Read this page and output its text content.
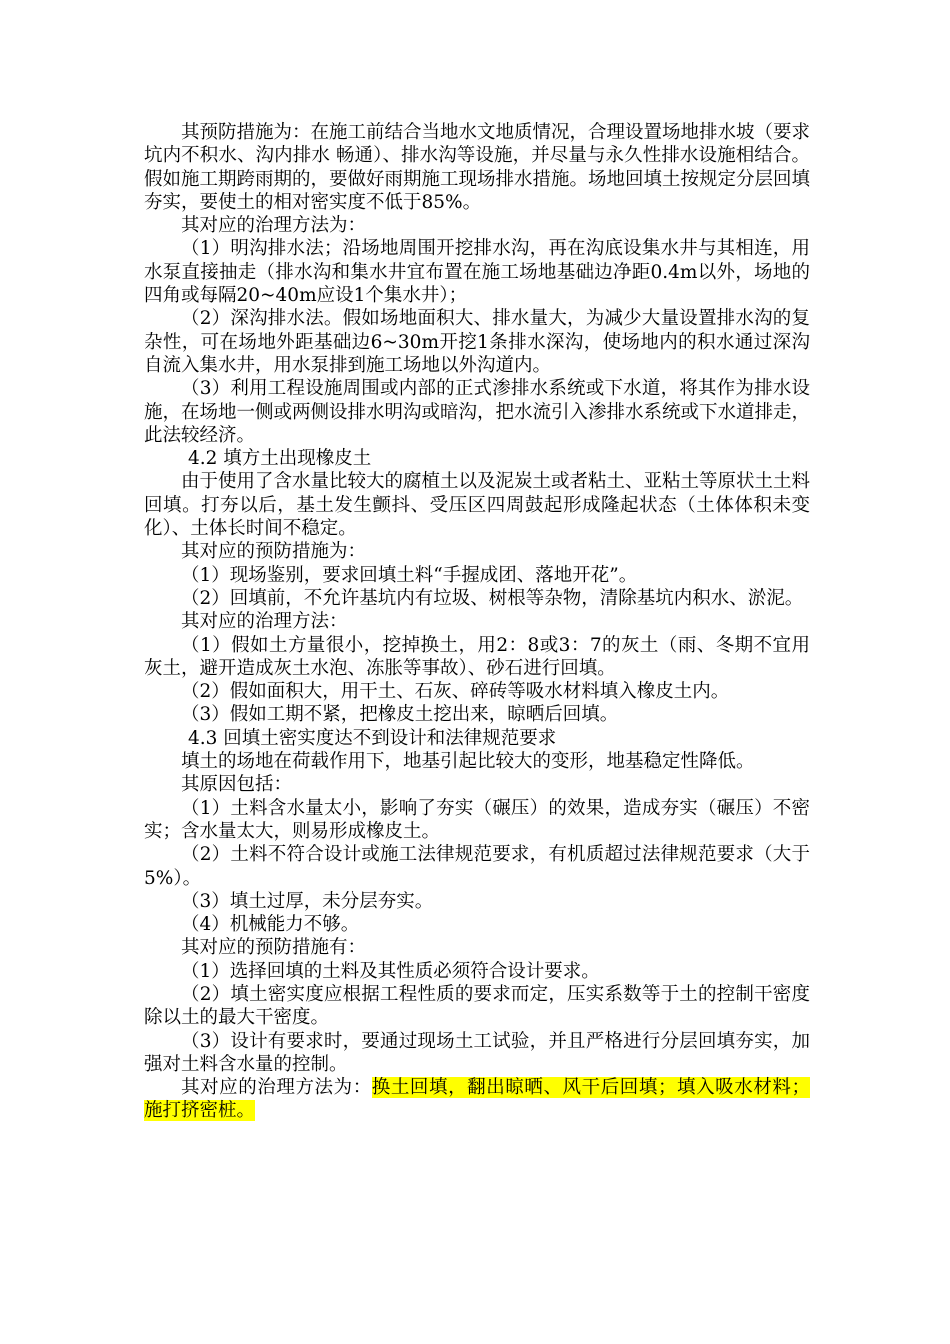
其预防措施为：在施工前结合当地水文地质情况，合理设置场地排水坡（要求坑内不积水、沟内排水 畅通）、排水沟等设施，并尽量与永久性排水设施相结合。假如施工期跨雨期的，要做好雨期施工现场排水措施。场地回填土按规定分层回填夯实，要使土的相对密实度不低于85%。

其对应的治理方法为：

（1）明沟排水法；沿场地周围开挖排水沟，再在沟底设集水井与其相连，用水泵直接抽走（排水沟和集水井宜布置在施工场地基础边净距0.4m以外，场地的四角或每隔20~40m应设1个集水井）；

（2）深沟排水法。假如场地面积大、排水量大，为减少大量设置排水沟的复杂性，可在场地外距基础边6~30m开挖1条排水深沟，使场地内的积水通过深沟自流入集水井，用水泵排到施工场地以外沟道内。

（3）利用工程设施周围或内部的正式渗排水系统或下水道，将其作为排水设施，在场地一侧或两侧设排水明沟或暗沟，把水流引入渗排水系统或下水道排走，此法较经济。

4.2 填方土出现橡皮土

由于使用了含水量比较大的腐植土以及泥炭土或者粘土、亚粘土等原状土土料回填。打夯以后，基土发生颤抖、受压区四周鼓起形成隆起状态（土体体积未变化）、土体长时间不稳定。

其对应的预防措施为：

（1）现场鉴别，要求回填土料“手握成团、落地开花”。

（2）回填前，不允许基坑内有垃圾、树根等杂物，清除基坑内积水、淤泥。

其对应的治理方法：

（1）假如土方量很小，挖掉换土，用2：8或3：7的灰土（雨、冬期不宜用灰土，避开造成灰土水泡、冻胀等事故）、砂石进行回填。

（2）假如面积大，用干土、石灰、碎砖等吸水材料填入橡皮土内。

（3）假如工期不紧，把橡皮土挖出来，晾晒后回填。

4.3 回填土密实度达不到设计和法律规范要求

填土的场地在荷载作用下，地基引起比较大的变形，地基稳定性降低。

其原因包括：

（1）土料含水量太小，影响了夯实（碾压）的效果，造成夯实（碾压）不密实；含水量太大，则易形成橡皮土。

（2）土料不符合设计或施工法律规范要求，有机质超过法律规范要求（大于5%）。

（3）填土过厚，未分层夯实。

（4）机械能力不够。

其对应的预防措施有：

（1）选择回填的土料及其性质必须符合设计要求。

（2）填土密实度应根据工程性质的要求而定，压实系数等于土的控制干密度除以土的最大干密度。

（3）设计有要求时，要通过现场土工试验，并且严格进行分层回填夯实，加强对土料含水量的控制。

其对应的治理方法为：换土回填，翻出晾晒、风干后回填；填入吸水材料；施打挤密桩。
